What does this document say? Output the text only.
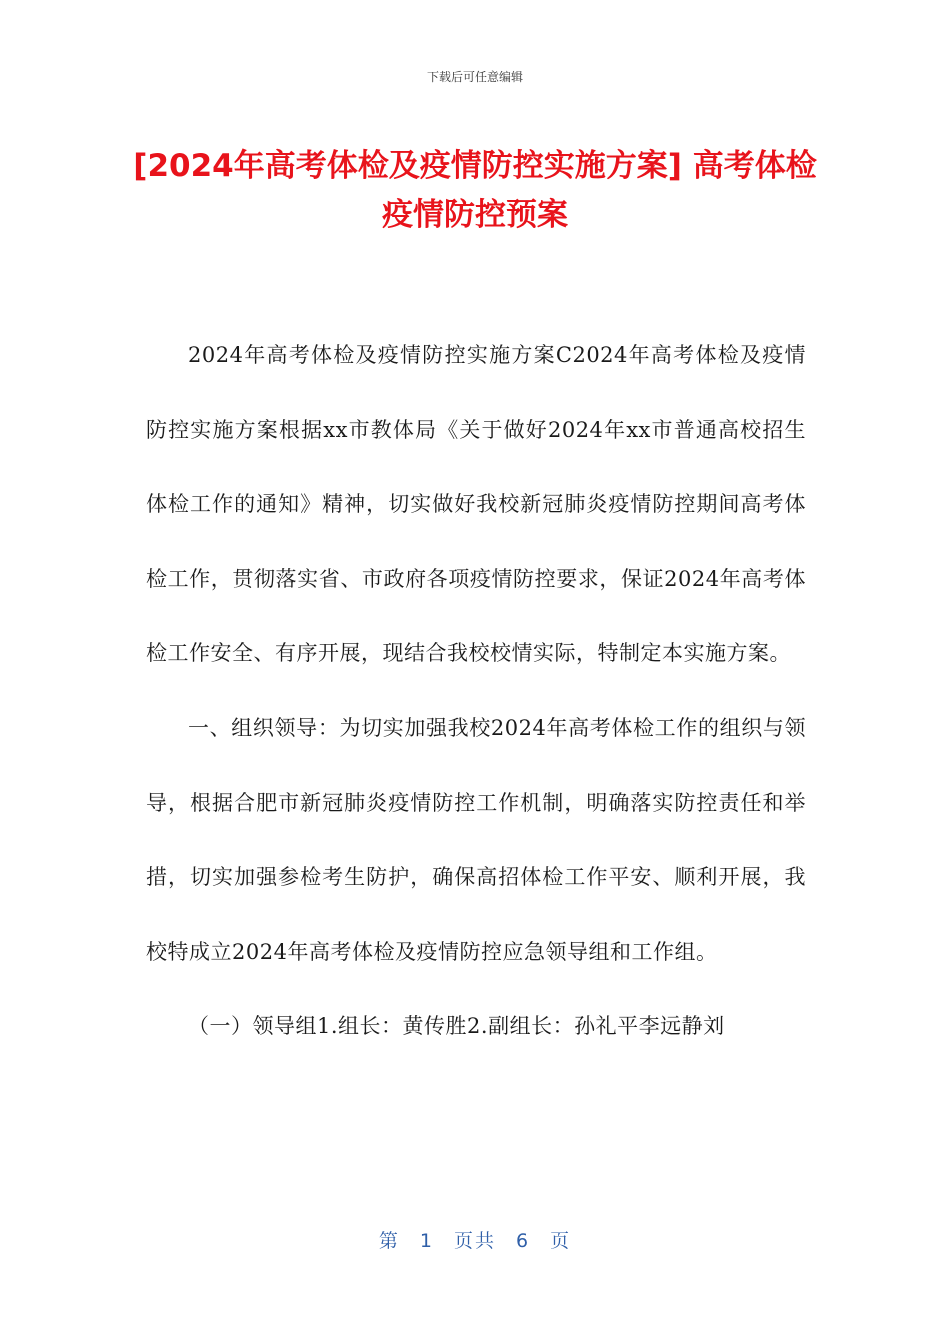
下载后可任意编辑
[2024年高考体检及疫情防控实施方案] 高考体检疫情防控预案

2024年高考体检及疫情防控实施方案C2024年高考体检及疫情防控实施方案根据xx市教体局《关于做好2024年xx市普通高校招生体检工作的通知》精神，切实做好我校新冠肺炎疫情防控期间高考体检工作，贯彻落实省、市政府各项疫情防控要求，保证2024年高考体检工作安全、有序开展，现结合我校校情实际，特制定本实施方案。

一、组织领导：为切实加强我校2024年高考体检工作的组织与领导，根据合肥市新冠肺炎疫情防控工作机制，明确落实防控责任和举措，切实加强参检考生防护，确保高招体检工作平安、顺利开展，我校特成立2024年高考体检及疫情防控应急领导组和工作组。

（一）领导组1.组长：黄传胜2.副组长：孙礼平李远静刘

第 1 页共 6 页
